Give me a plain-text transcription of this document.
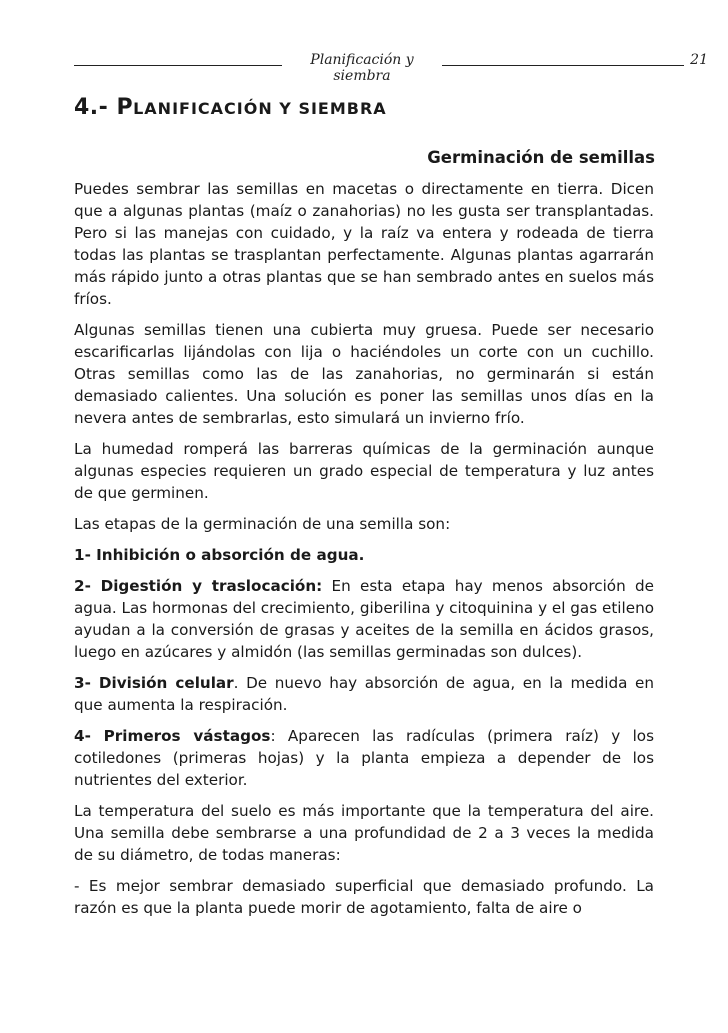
Planificación y siembra
21
4.- PLANIFICACIÓN Y SIEMBRA
Germinación de semillas

Puedes sembrar las semillas en macetas o directamente en tierra. Dicen que a algunas plantas (maíz o zanahorias) no les gusta ser transplantadas. Pero si las manejas con cuidado, y la raíz va entera y rodeada de tierra todas las plantas se trasplantan perfectamente. Algunas plantas agarrarán más rápido junto a otras plantas que se han sembrado antes en suelos más fríos.

Algunas semillas tienen una cubierta muy gruesa. Puede ser necesario escarificarlas lijándolas con lija o haciéndoles un corte con un cuchillo. Otras semillas como las de las zanahorias, no germinarán si están demasiado calientes. Una solución es poner las semillas unos días en la nevera antes de sembrarlas, esto simulará un invierno frío.

La humedad romperá las barreras químicas de la germinación aunque algunas especies requieren un grado especial de temperatura y luz antes de que germinen.

Las etapas de la germinación de una semilla son:

1- Inhibición o absorción de agua.

2- Digestión y traslocación: En esta etapa hay menos absorción de agua. Las hormonas del crecimiento, giberilina y citoquinina y el gas etileno ayudan a la conversión de grasas y aceites de la semilla en ácidos grasos, luego en azúcares y almidón (las semillas germinadas son dulces).

3- División celular. De nuevo hay absorción de agua, en la medida en que aumenta la respiración.

4- Primeros vástagos: Aparecen las radículas (primera raíz) y los cotiledones (primeras hojas) y la planta empieza a depender de los nutrientes del exterior.

La temperatura del suelo es más importante que la temperatura del aire. Una semilla debe sembrarse a una profundidad de 2 a 3 veces la medida de su diámetro, de todas maneras:

- Es mejor sembrar demasiado superficial que demasiado profundo. La razón es que la planta puede morir de agotamiento, falta de aire o
